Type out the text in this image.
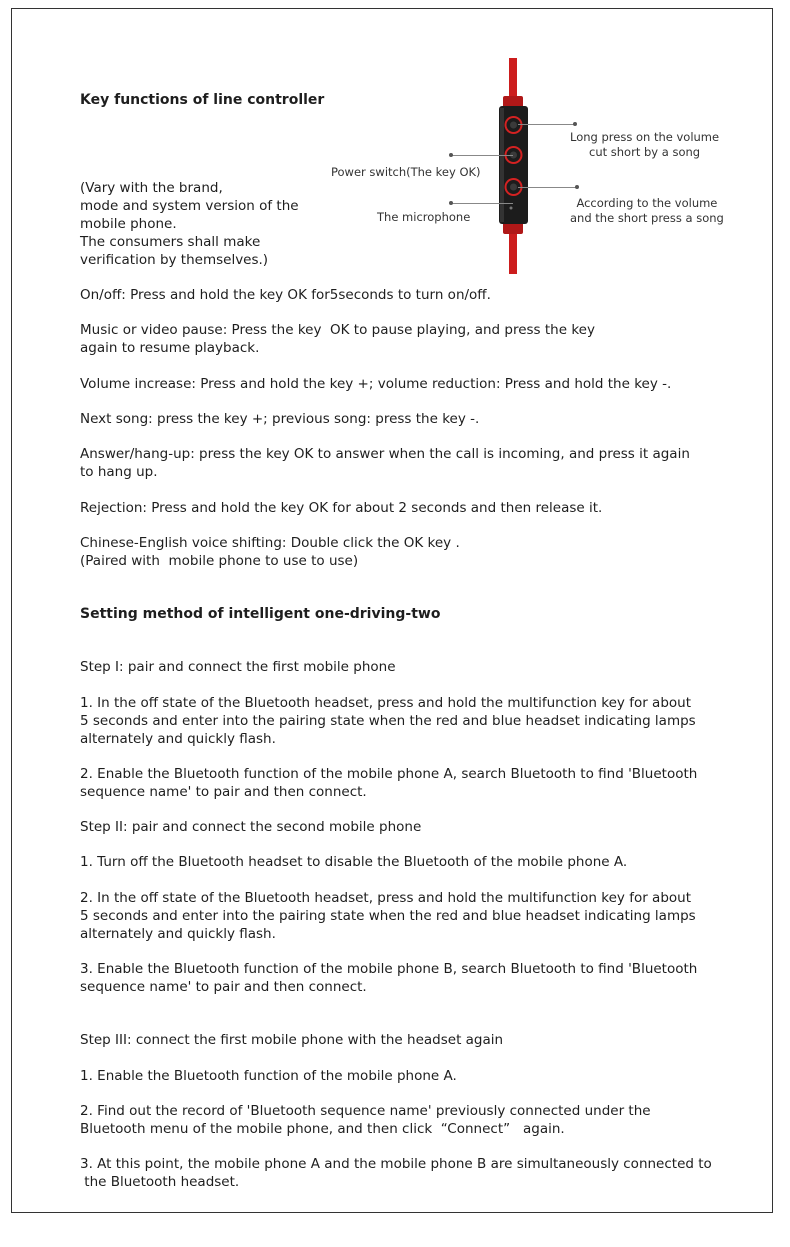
Key functions of line controller
(Vary with the brand,
mode and system version of the
mobile phone.
The consumers shall make
verification by themselves.)
Long press on the volume
cut short by a song
Power switch(The key OK)
According to the volume
and the short press a song
The microphone
On/off: Press and hold the key OK for5seconds to turn on/off.
Music or video pause: Press the key  OK to pause playing, and press the key
again to resume playback.
Volume increase: Press and hold the key +; volume reduction: Press and hold the key -.
Next song: press the key +; previous song: press the key -.
Answer/hang-up: press the key OK to answer when the call is incoming, and press it again
to hang up.
Rejection: Press and hold the key OK for about 2 seconds and then release it.
Chinese-English voice shifting: Double click the OK key .
(Paired with  mobile phone to use to use)
Setting method of intelligent one-driving-two
Step I: pair and connect the first mobile phone
1. In the off state of the Bluetooth headset, press and hold the multifunction key for about
5 seconds and enter into the pairing state when the red and blue headset indicating lamps
alternately and quickly flash.
2. Enable the Bluetooth function of the mobile phone A, search Bluetooth to find 'Bluetooth
sequence name' to pair and then connect.
Step II: pair and connect the second mobile phone
1. Turn off the Bluetooth headset to disable the Bluetooth of the mobile phone A.
2. In the off state of the Bluetooth headset, press and hold the multifunction key for about
5 seconds and enter into the pairing state when the red and blue headset indicating lamps
alternately and quickly flash.
3. Enable the Bluetooth function of the mobile phone B, search Bluetooth to find 'Bluetooth
sequence name' to pair and then connect.
Step III: connect the first mobile phone with the headset again
1. Enable the Bluetooth function of the mobile phone A.
2. Find out the record of 'Bluetooth sequence name' previously connected under the
Bluetooth menu of the mobile phone, and then click  “Connect”   again.
3. At this point, the mobile phone A and the mobile phone B are simultaneously connected to
the Bluetooth headset.
